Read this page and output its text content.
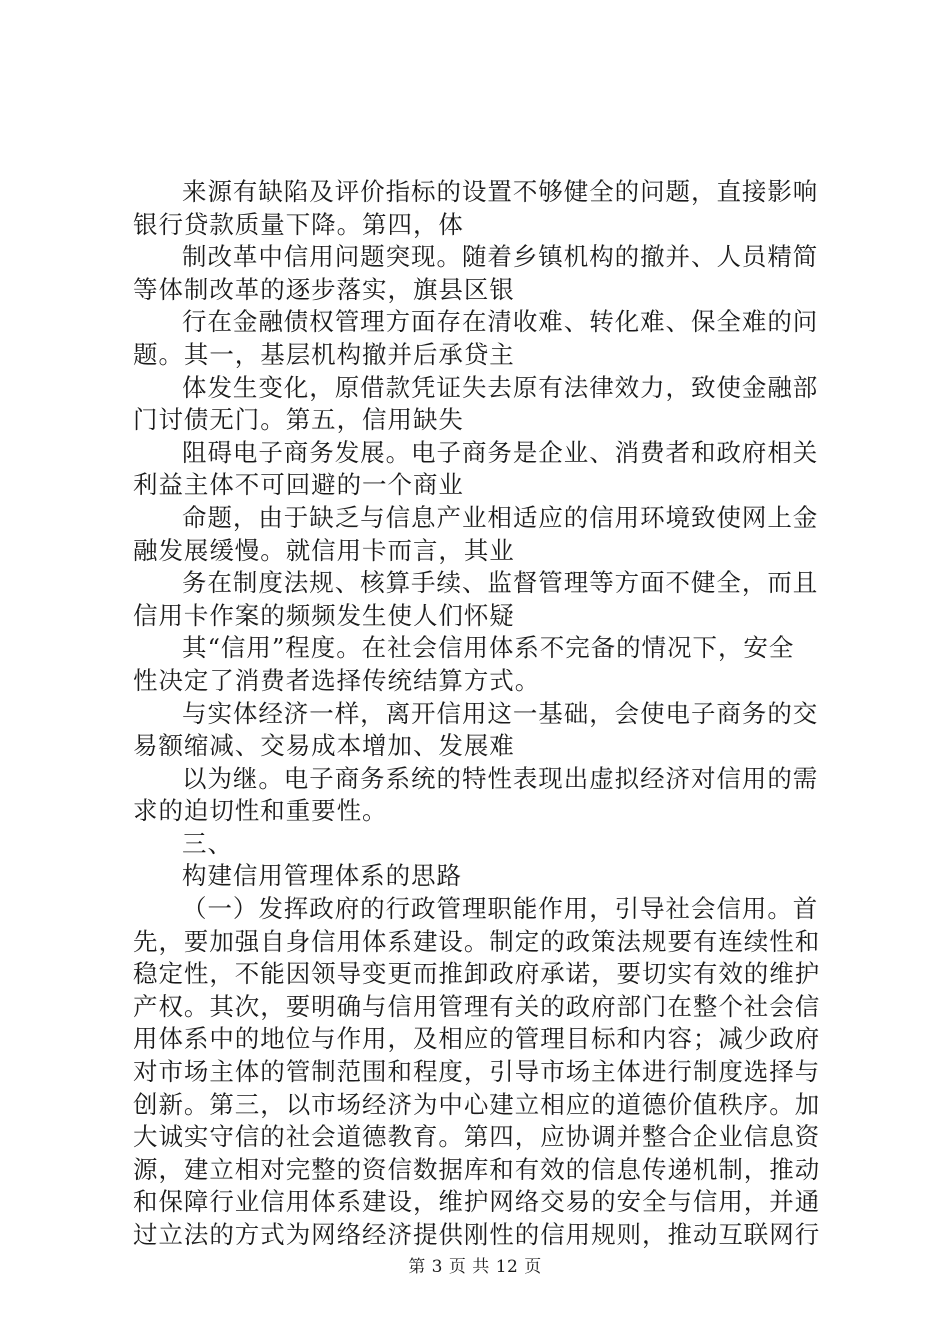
来源有缺陷及评价指标的设置不够健全的问题，直接影响
银行贷款质量下降。第四，体
制改革中信用问题突现。随着乡镇机构的撤并、人员精简
等体制改革的逐步落实，旗县区银
行在金融债权管理方面存在清收难、转化难、保全难的问
题。其一，基层机构撤并后承贷主
体发生变化，原借款凭证失去原有法律效力，致使金融部
门讨债无门。第五，信用缺失
阻碍电子商务发展。电子商务是企业、消费者和政府相关
利益主体不可回避的一个商业
命题，由于缺乏与信息产业相适应的信用环境致使网上金
融发展缓慢。就信用卡而言，其业
务在制度法规、核算手续、监督管理等方面不健全，而且
信用卡作案的频频发生使人们怀疑
其“信用”程度。在社会信用体系不完备的情况下，安全
性决定了消费者选择传统结算方式。
与实体经济一样，离开信用这一基础，会使电子商务的交
易额缩减、交易成本增加、发展难
以为继。电子商务系统的特性表现出虚拟经济对信用的需
求的迫切性和重要性。
三、
构建信用管理体系的思路
（一）发挥政府的行政管理职能作用，引导社会信用。首
先，要加强自身信用体系建设。制定的政策法规要有连续性和
稳定性，不能因领导变更而推卸政府承诺，要切实有效的维护
产权。其次，要明确与信用管理有关的政府部门在整个社会信
用体系中的地位与作用，及相应的管理目标和内容；减少政府
对市场主体的管制范围和程度，引导市场主体进行制度选择与
创新。第三，以市场经济为中心建立相应的道德价值秩序。加
大诚实守信的社会道德教育。第四，应协调并整合企业信息资
源，建立相对完整的资信数据库和有效的信息传递机制，推动
和保障行业信用体系建设，维护网络交易的安全与信用，并通
过立法的方式为网络经济提供刚性的信用规则，推动互联网行
第 3 页 共 12 页
